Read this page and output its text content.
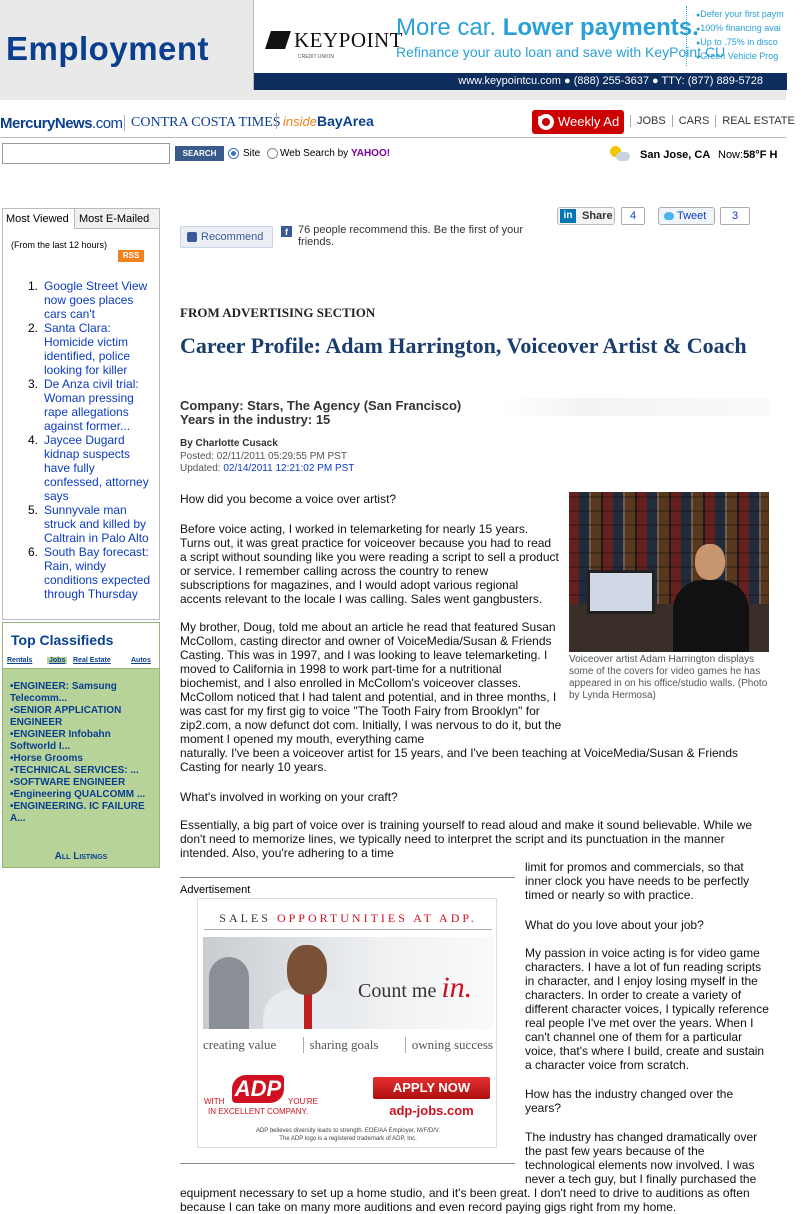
Employment	KEYPOINT
CREDIT UNION
More car. Lower payments.
Refinance your auto loan and save with KeyPoint CU
● Defer your first paym
● 100% financing avai
● Up to .75% in disco
● Green Vehicle Prog
www.keypointcu.com ● (888) 255-3637 ● TTY: (877) 889-5728
MercuryNews.com CONTRA COSTA TIMES insideBayArea	Weekly Ad	JOBS CARS REAL ESTATE
SEARCH	Site Web Search by YAHOO!	San Jose, CA Now:58°F H
Most Viewed Most E-Mailed
(From the last 12 hours)
RSS
1. Google Street View now goes places cars can't
2. Santa Clara: Homicide victim identified, police looking for killer
3. De Anza civil trial: Woman pressing rape allegations against former...
4. Jaycee Dugard kidnap suspects have fully confessed, attorney says
5. Sunnyvale man struck and killed by Caltrain in Palo Alto
6. South Bay forecast: Rain, windy conditions expected through Thursday
Top Classifieds
Rentals Jobs Real Estate	Autos
• ENGINEER: Samsung Telecomm...
• SENIOR APPLICATION ENGINEER
• ENGINEER Infobahn Softworld I...
• Horse Grooms
• TECHNICAL SERVICES: ...
• SOFTWARE ENGINEER
• Engineering QUALCOMM ...
• ENGINEERING. IC FAILURE A...
All Listings
Recommend	f 76 people recommend this. Be the first of your friends.
in Share	4	Tweet	3
FROM ADVERTISING SECTION
Career Profile: Adam Harrington, Voiceover Artist & Coach
Company: Stars, The Agency (San Francisco)
Years in the industry: 15
By Charlotte Cusack
Posted: 02/11/2011 05:29:55 PM PST
Updated: 02/14/2011 12:21:02 PM PST
How did you become a voice over artist?
Before voice acting, I worked in telemarketing for nearly 15 years. Turns out, it was great practice for voiceover because you had to read a script without sounding like you were reading a script to sell a product or service. I remember calling across the country to renew subscriptions for magazines, and I would adopt various regional accents relevant to the locale I was calling. Sales went gangbusters.
My brother, Doug, told me about an article he read that featured Susan McCollom, casting director and owner of VoiceMedia/Susan & Friends Casting. This was in 1997, and I was looking to leave telemarketing. I moved to California in 1998 to work part-time for a nutritional biochemist, and I also enrolled in McCollom's voiceover classes. McCollom noticed that I had talent and potential, and in three months, I was cast for my first gig to voice "The Tooth Fairy from Brooklyn" for zip2.com, a now defunct dot com. Initially, I was nervous to do it, but the moment I opened my mouth, everything came
naturally. I've been a voiceover artist for 15 years, and I've been teaching at VoiceMedia/Susan & Friends Casting for nearly 10 years.
What's involved in working on your craft?
Essentially, a big part of voice over is training yourself to read aloud and make it sound believable. While we don't need to memorize lines, we typically need to interpret the script and its punctuation in the manner intended. Also, you're adhering to a time
limit for promos and commercials, so that inner clock you have needs to be perfectly timed or nearly so with practice.
What do you love about your job?
My passion in voice acting is for video game characters. I have a lot of fun reading scripts in character, and I enjoy losing myself in the characters. In order to create a variety of different character voices, I typically reference real people I've met over the years. When I can't channel one of them for a particular voice, that's where I build, create and sustain a character voice from scratch.
How has the industry changed over the years?
The industry has changed dramatically over the past few years because of the technological elements now involved. I was never a tech guy, but I finally purchased the
equipment necessary to set up a home studio, and it's been great. I don't need to drive to auditions as often because I can take on many more auditions and even record paying gigs right from my home.
Voiceover artist Adam Harrington displays some of the covers for video games he has appeared in on his office/studio walls. (Photo by Lynda Hermosa)
Advertisement
SALES OPPORTUNITIES AT ADP.
Count me in.
creating value	sharing goals	owning success
WITH
ADP
YOU'RE
IN EXCELLENT COMPANY.
APPLY NOW
adp-jobs.com
ADP believes diversity leads to strength. EOE/AA Employer, M/F/D/V.
The ADP logo is a registered trademark of ADP, Inc.
